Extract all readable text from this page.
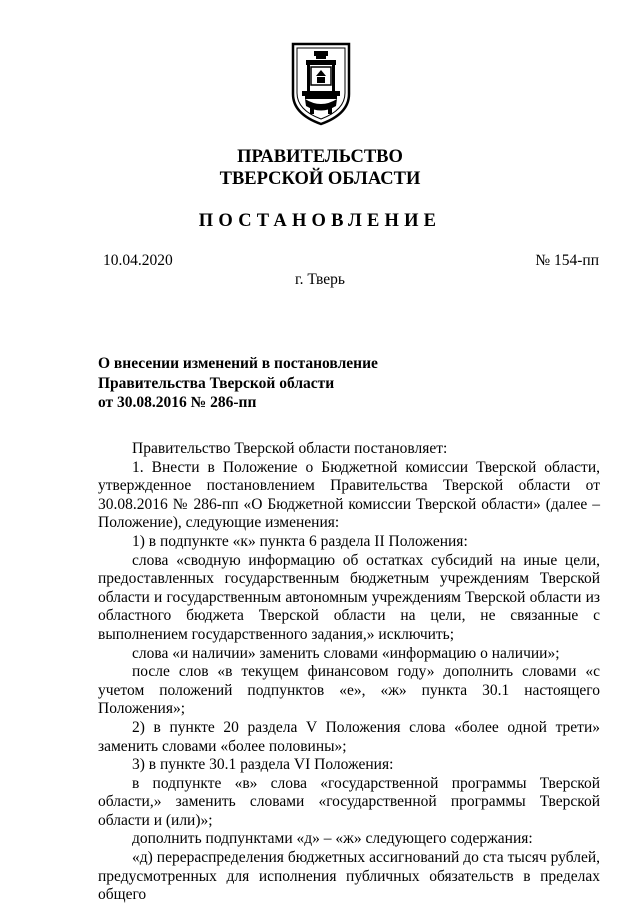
ПРАВИТЕЛЬСТВО
ТВЕРСКОЙ ОБЛАСТИ
ПОСТАНОВЛЕНИЕ
10.04.2020	№ 154-пп
г. Тверь
О внесении изменений в постановление
Правительства Тверской области
от 30.08.2016 № 286-пп

Правительство Тверской области постановляет:

1. Внести в Положение о Бюджетной комиссии Тверской области, утвержденное постановлением Правительства Тверской области от 30.08.2016 № 286-пп «О Бюджетной комиссии Тверской области» (далее – Положение), следующие изменения:

1) в подпункте «к» пункта 6 раздела II Положения:

слова «сводную информацию об остатках субсидий на иные цели, предоставленных государственным бюджетным учреждениям Тверской области и государственным автономным учреждениям Тверской области из областного бюджета Тверской области на цели, не связанные с выполнением государственного задания,» исключить;

слова «и наличии» заменить словами «информацию о наличии»;

после слов «в текущем финансовом году» дополнить словами «с учетом положений подпунктов «е», «ж» пункта 30.1 настоящего Положения»;

2) в пункте 20 раздела V Положения слова «более одной трети» заменить словами «более половины»;

3) в пункте 30.1 раздела VI Положения:

в подпункте «в» слова «государственной программы Тверской области,» заменить словами «государственной программы Тверской области и (или)»;

дополнить подпунктами «д» – «ж» следующего содержания:

«д) перераспределения бюджетных ассигнований до ста тысяч рублей, предусмотренных для исполнения публичных обязательств в пределах общего
